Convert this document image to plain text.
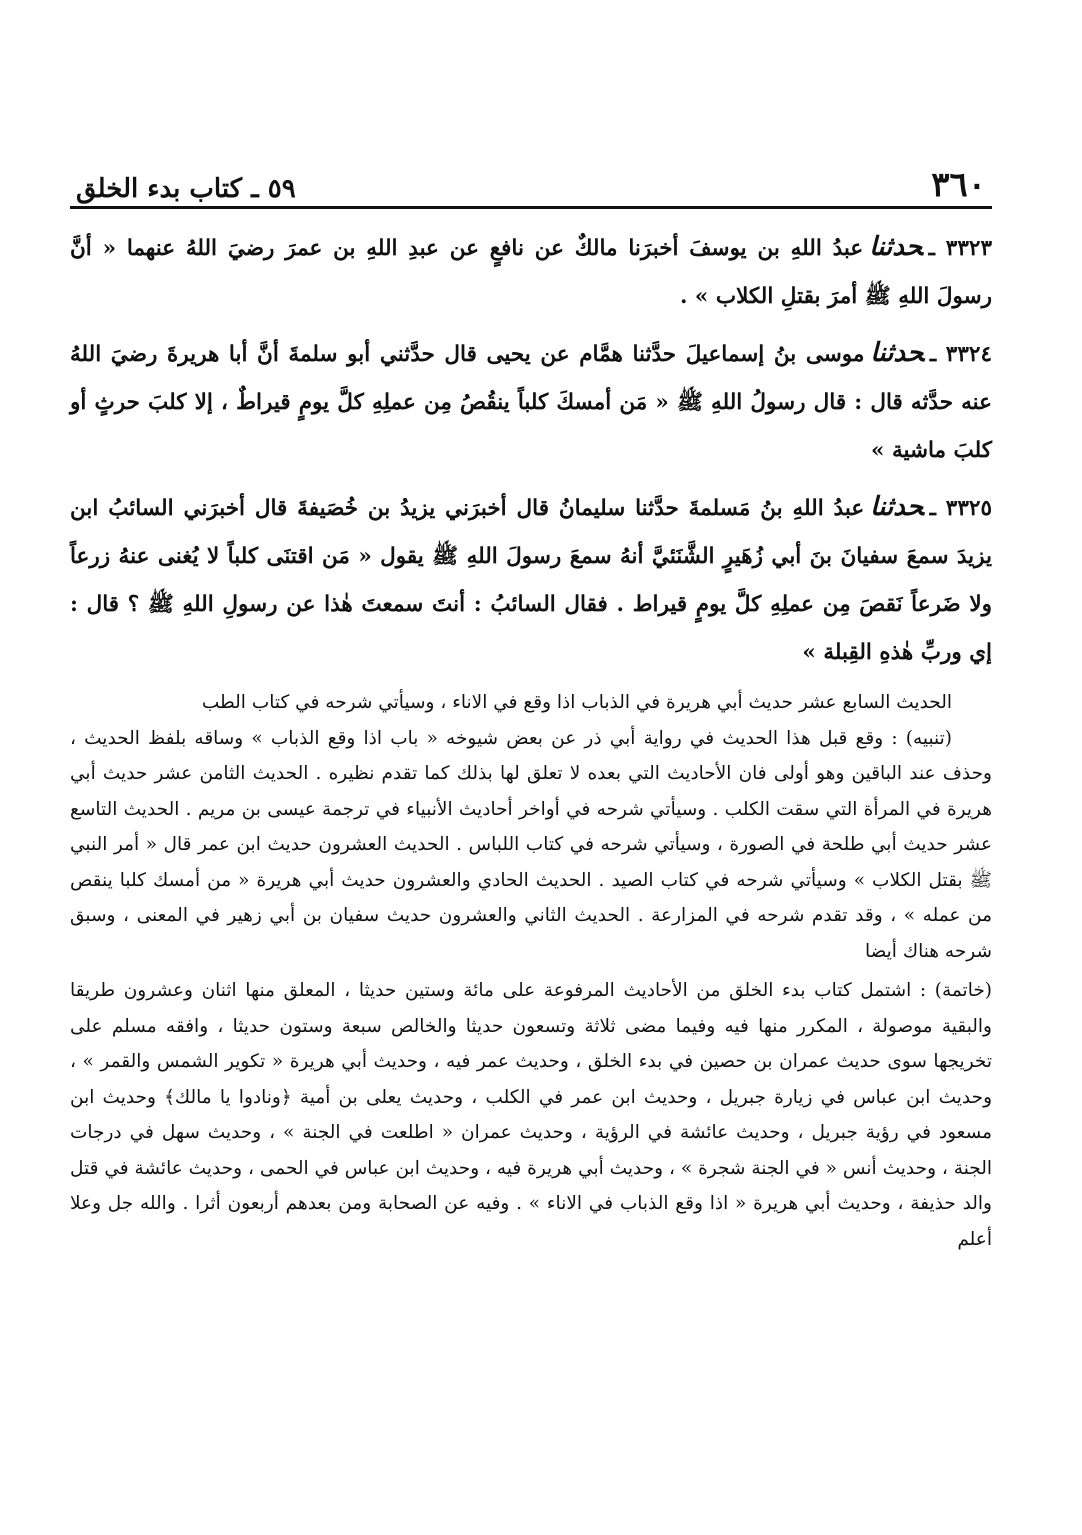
٣٦٠
٥٩ ـ كتاب بدء الخلق

٣٣٢٣ ـحدثناعبدُ اللهِ بن يوسفَ أخبرَنا مالكٌ عن نافعٍ عن عبدِ اللهِ بن عمرَ رضيَ اللهُ عنهما « أنَّ رسولَ اللهِ ﷺ أمرَ بقتلِ الكلاب » .

٣٣٢٤ ـحدثناموسى بنُ إسماعيلَ حدَّثنا همَّام عن يحيى قال حدَّثني أبو سلمةَ أنَّ أبا هريرةَ رضيَ اللهُ عنه حدَّثه قال : قال رسولُ اللهِ ﷺ « مَن أمسكَ كلباً ينقُصُ مِن عملِهِ كلَّ يومٍ قيراطٌ ، إلا كلبَ حرثٍ أو كلبَ ماشية »

٣٣٢٥ ـحدثناعبدُ اللهِ بنُ مَسلمةَ حدَّثنا سليمانُ قال أخبرَني يزيدُ بن خُصَيفةَ قال أخبرَني السائبُ ابن يزيدَ سمعَ سفيانَ بنَ أبي زُهَيرٍ الشَّنَئيَّ أنهُ سمعَ رسولَ اللهِ ﷺ يقول « مَن اقتنَى كلباً لا يُغنى عنهُ زرعاً ولا ضَرعاً نَقصَ مِن عملِهِ كلَّ يومٍ قيراط . فقال السائبُ : أنتَ سمعتَ هٰذا عن رسولِ اللهِ ﷺ ؟ قال : إي وربِّ هٰذهِ القِبلة »

الحديث السابع عشر حديث أبي هريرة في الذباب اذا وقع في الاناء ، وسيأتي شرحه في كتاب الطب

(تنبيه) : وقع قبل هذا الحديث في رواية أبي ذر عن بعض شيوخه « باب اذا وقع الذباب » وساقه بلفظ الحديث ، وحذف عند الباقين وهو أولى فان الأحاديث التي بعده لا تعلق لها بذلك كما تقدم نظيره . الحديث الثامن عشر حديث أبي هريرة في المرأة التي سقت الكلب . وسيأتي شرحه في أواخر أحاديث الأنبياء في ترجمة عيسى بن مريم . الحديث التاسع عشر حديث أبي طلحة في الصورة ، وسيأتي شرحه في كتاب اللباس . الحديث العشرون حديث ابن عمر قال « أمر النبي ﷺ بقتل الكلاب » وسيأتي شرحه في كتاب الصيد . الحديث الحادي والعشرون حديث أبي هريرة « من أمسك كلبا ينقص من عمله » ، وقد تقدم شرحه في المزارعة . الحديث الثاني والعشرون حديث سفيان بن أبي زهير في المعنى ، وسبق شرحه هناك أيضا

(خاتمة) : اشتمل كتاب بدء الخلق من الأحاديث المرفوعة على مائة وستين حديثا ، المعلق منها اثنان وعشرون طريقا والبقية موصولة ، المكرر منها فيه وفيما مضى ثلاثة وتسعون حديثا والخالص سبعة وستون حديثا ، وافقه مسلم على تخريجها سوى حديث عمران بن حصين في بدء الخلق ، وحديث عمر فيه ، وحديث أبي هريرة « تكوير الشمس والقمر » ، وحديث ابن عباس في زيارة جبريل ، وحديث ابن عمر في الكلب ، وحديث يعلى بن أمية ﴿ونادوا يا مالك﴾ وحديث ابن مسعود في رؤية جبريل ، وحديث عائشة في الرؤية ، وحديث عمران « اطلعت في الجنة » ، وحديث سهل في درجات الجنة ، وحديث أنس « في الجنة شجرة » ، وحديث أبي هريرة فيه ، وحديث ابن عباس في الحمى ، وحديث عائشة في قتل والد حذيفة ، وحديث أبي هريرة « اذا وقع الذباب في الاناء » . وفيه عن الصحابة ومن بعدهم أربعون أثرا . والله جل وعلا أعلم
